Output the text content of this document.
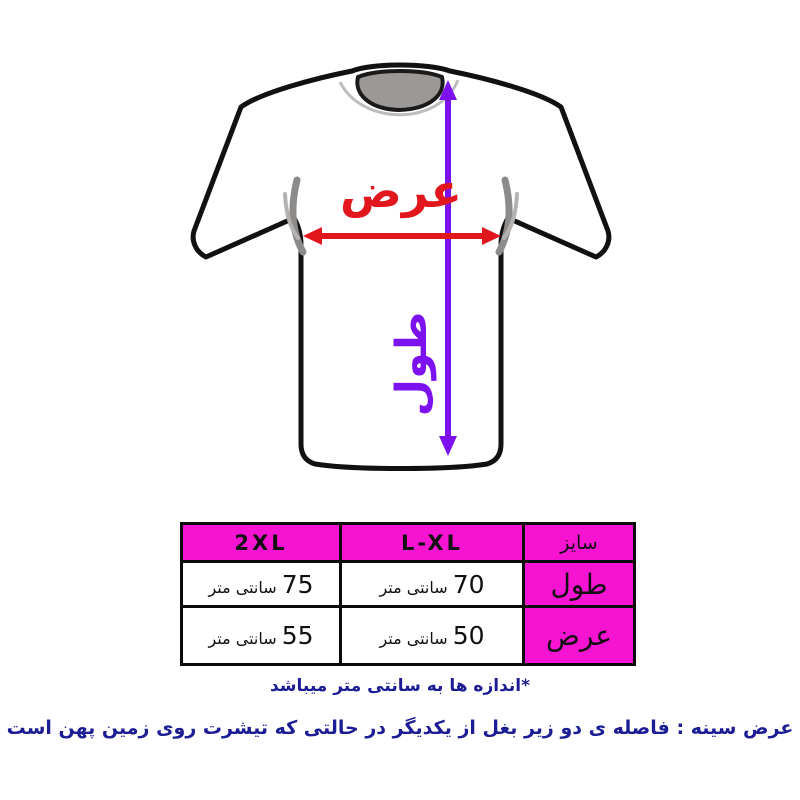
عرض
طول
سایز	L-XL	2XL
طول	70 سانتی متر	75 سانتی متر
عرض	50 سانتی متر	55 سانتی متر
*اندازه ها به سانتی متر میباشد
عرض سینه : فاصله ی دو زیر بغل از یکدیگر در حالتی که تیشرت روی زمین پهن است
